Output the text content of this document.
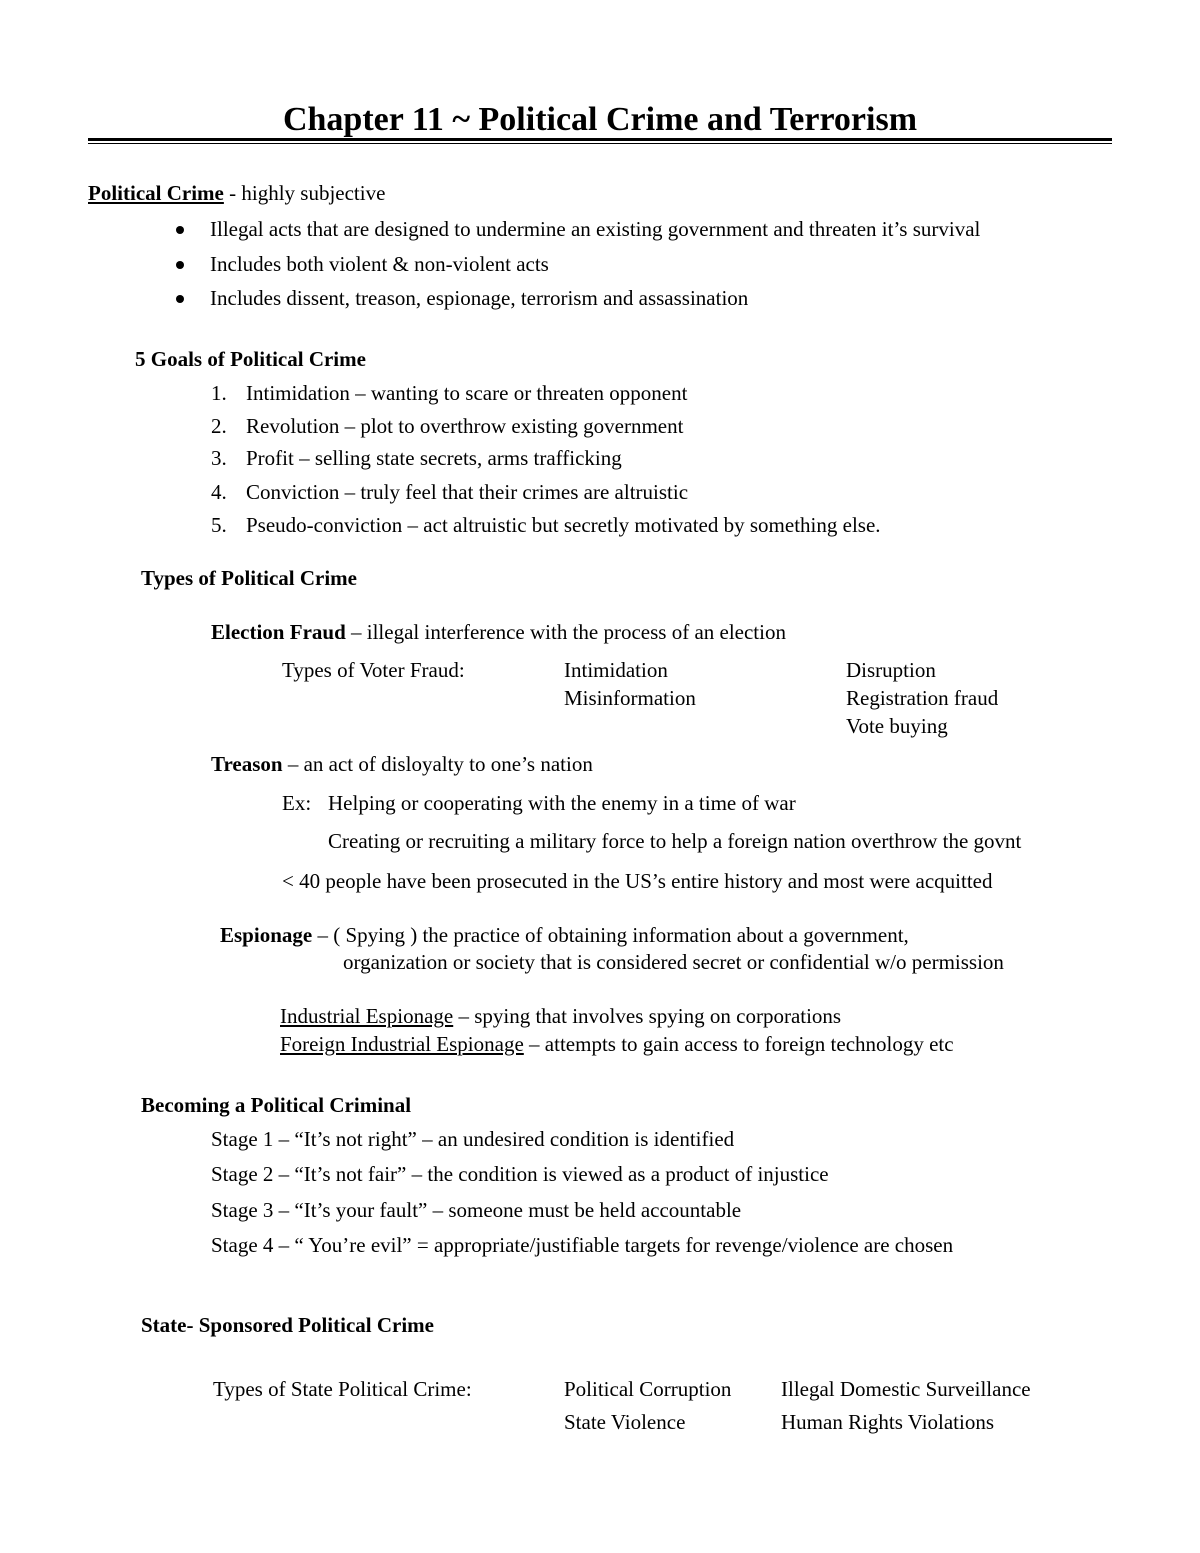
Chapter 11 ~ Political Crime and Terrorism
Political Crime - highly subjective
Illegal acts that are designed to undermine an existing government and threaten it’s survival
Includes both violent & non-violent acts
Includes dissent, treason, espionage, terrorism and assassination
5 Goals of Political Crime
1. Intimidation – wanting to scare or threaten opponent
2. Revolution – plot to overthrow existing government
3. Profit – selling state secrets, arms trafficking
4. Conviction – truly feel that their crimes are altruistic
5. Pseudo-conviction – act altruistic but secretly motivated by something else.
Types of Political Crime
Election Fraud – illegal interference with the process of an election
Types of Voter Fraud:	Intimidation
Misinformation
Disruption
Registration fraud
Vote buying
Treason – an act of disloyalty to one’s nation
Ex: Helping or cooperating with the enemy in a time of war
Creating or recruiting a military force to help a foreign nation overthrow the govnt
< 40 people have been prosecuted in the US’s entire history and most were acquitted
Espionage – ( Spying ) the practice of obtaining information about a government,
organization or society that is considered secret or confidential w/o permission
Industrial Espionage – spying that involves spying on corporations
Foreign Industrial Espionage – attempts to gain access to foreign technology etc
Becoming a Political Criminal
Stage 1 – “It’s not right” – an undesired condition is identified
Stage 2 – “It’s not fair” – the condition is viewed as a product of injustice
Stage 3 – “It’s your fault” – someone must be held accountable
Stage 4 – “ You’re evil” = appropriate/justifiable targets for revenge/violence are chosen
State- Sponsored Political Crime
Types of State Political Crime:	Political Corruption
State Violence
Illegal Domestic Surveillance
Human Rights Violations
